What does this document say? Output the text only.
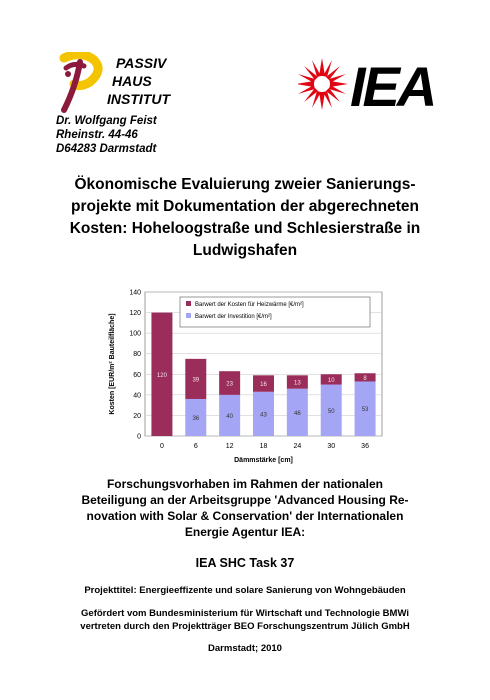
PASSIV
HAUS
INSTITUT
Dr. Wolfgang Feist
Rheinstr. 44-46
D64283 Darmstadt
IEA
Ökonomische Evaluierung zweier Sanierungs-
projekte mit Dokumentation der abgerechneten
Kosten: Hoheloogstraße und Schlesierstraße in
Ludwigshafen
0
20
40
60
80
100
120
140
120
0
36
39
6
40
23
12
43
16
18
46
13
24
50
10
30
53
8
36
Dämmstärke [cm]
Kosten [EUR/m² Bauteilfläche]
Barwert der Kosten für Heizwärme [€/m²]
Barwert der Investition [€/m²]
Forschungsvorhaben im Rahmen der nationalen
Beteiligung an der Arbeitsgruppe 'Advanced Housing Re-
novation with Solar & Conservation' der Internationalen
Energie Agentur IEA:
IEA SHC Task 37
Projekttitel: Energieeffizente und solare Sanierung von Wohngebäuden
Gefördert vom Bundesministerium für Wirtschaft und Technologie BMWi
vertreten durch den Projektträger BEO Forschungszentrum Jülich GmbH
Darmstadt; 2010
